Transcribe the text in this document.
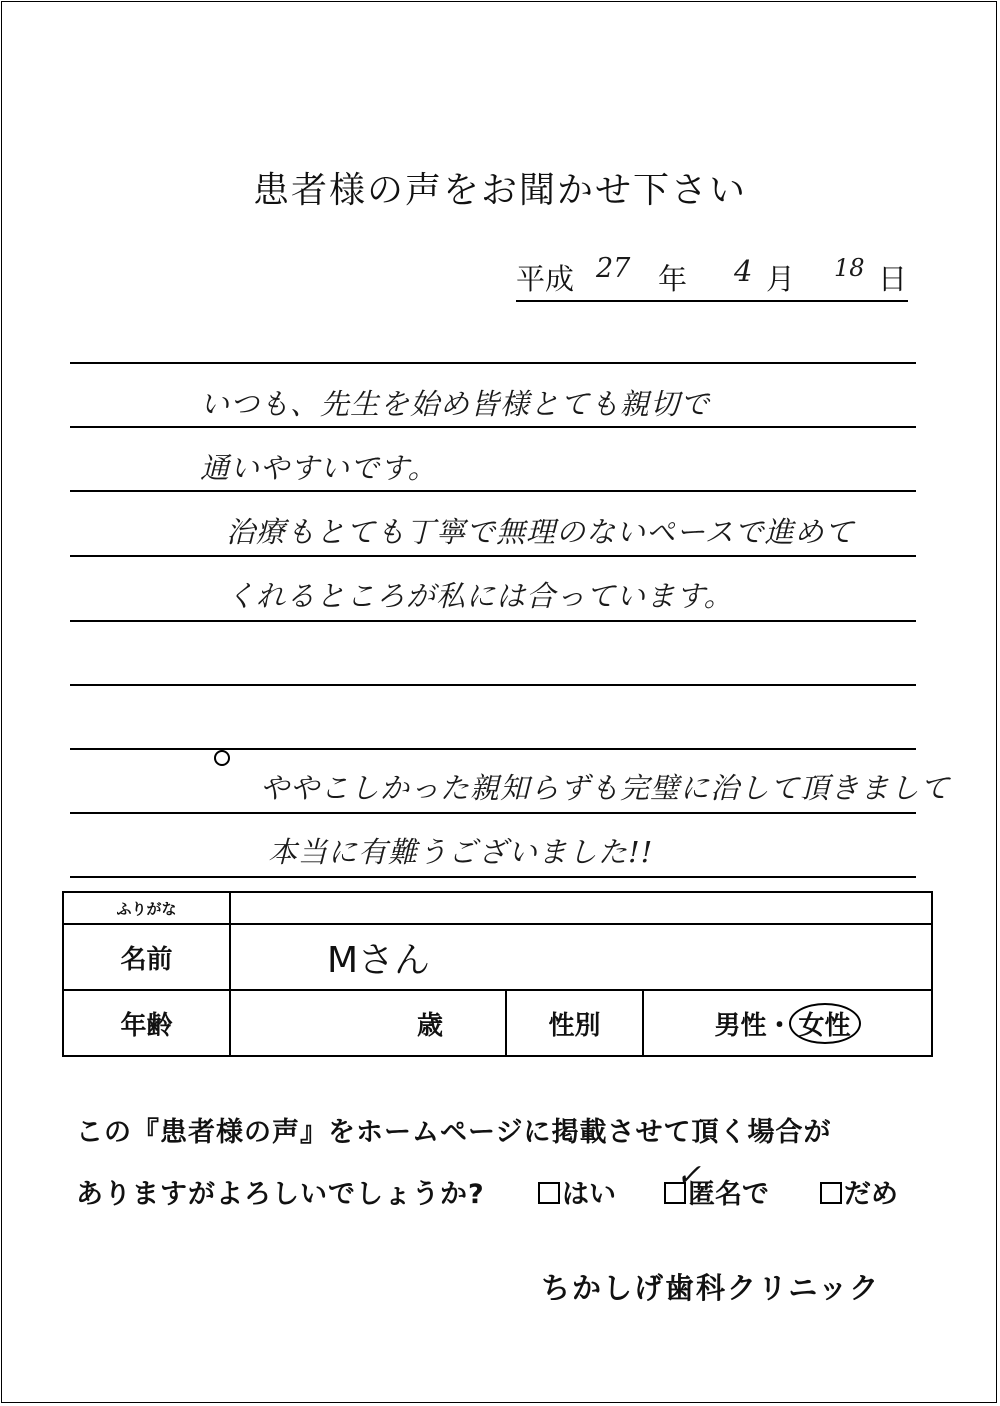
患者様の声をお聞かせ下さい
平成 27 年 4 月 18 日
いつも、先生を始め皆様とても親切で
通いやすいです。
治療もとても丁寧で無理のないペースで進めて
くれるところが私には合っています。
ややこしかった親知らずも完璧に治して頂きまして
本当に有難うございました!!
ふりがな			
名前	Mさん		
年齢	歳	性別	男性・ 女性
この『患者様の声』をホームページに掲載させて頂く場合が
ありますがよろしいでしょうか?	はい	匿名で
✓
だめ
ちかしげ歯科クリニック
